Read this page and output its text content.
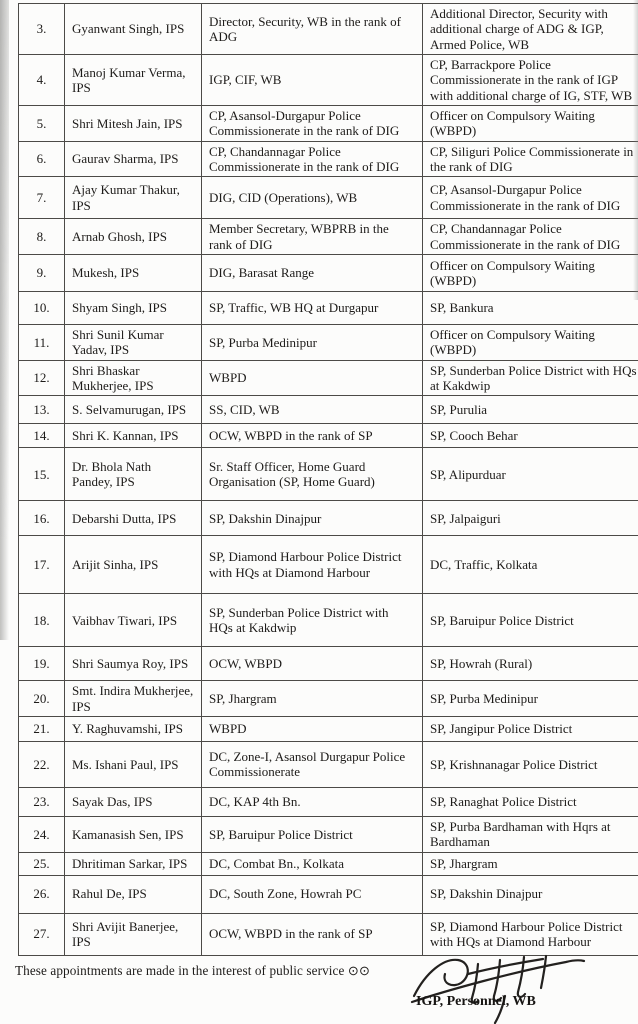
3.	Gyanwant Singh, IPS	Director, Security, WB in the rank of ADG	Additional Director, Security with additional charge of ADG & IGP, Armed Police, WB
4.	Manoj Kumar Verma, IPS	IGP, CIF, WB	CP, Barrackpore Police Commissionerate in the rank of IGP with additional charge of IG, STF, WB
5.	Shri Mitesh Jain, IPS	CP, Asansol-Durgapur Police Commissionerate in the rank of DIG	Officer on Compulsory Waiting (WBPD)
6.	Gaurav Sharma, IPS	CP, Chandannagar Police Commissionerate in the rank of DIG	CP, Siliguri Police Commissionerate in the rank of DIG
7.	Ajay Kumar Thakur, IPS	DIG, CID (Operations), WB	CP, Asansol-Durgapur Police Commissionerate in the rank of DIG
8.	Arnab Ghosh, IPS	Member Secretary, WBPRB in the rank of DIG	CP, Chandannagar Police Commissionerate in the rank of DIG
9.	Mukesh, IPS	DIG, Barasat Range	Officer on Compulsory Waiting (WBPD)
10.	Shyam Singh, IPS	SP, Traffic, WB HQ at Durgapur	SP, Bankura
11.	Shri Sunil Kumar Yadav, IPS	SP, Purba Medinipur	Officer on Compulsory Waiting (WBPD)
12.	Shri Bhaskar Mukherjee, IPS	WBPD	SP, Sunderban Police District with HQs at Kakdwip
13.	S. Selvamurugan, IPS	SS, CID, WB	SP, Purulia
14.	Shri K. Kannan, IPS	OCW, WBPD in the rank of SP	SP, Cooch Behar
15.	Dr. Bhola Nath Pandey, IPS	Sr. Staff Officer, Home Guard Organisation (SP, Home Guard)	SP, Alipurduar
16.	Debarshi Dutta, IPS	SP, Dakshin Dinajpur	SP, Jalpaiguri
17.	Arijit Sinha, IPS	SP, Diamond Harbour Police District with HQs at Diamond Harbour	DC, Traffic, Kolkata
18.	Vaibhav Tiwari, IPS	SP, Sunderban Police District with HQs at Kakdwip	SP, Baruipur Police District
19.	Shri Saumya Roy, IPS	OCW, WBPD	SP, Howrah (Rural)
20.	Smt. Indira Mukherjee, IPS	SP, Jhargram	SP, Purba Medinipur
21.	Y. Raghuvamshi, IPS	WBPD	SP, Jangipur Police District
22.	Ms. Ishani Paul, IPS	DC, Zone-I, Asansol Durgapur Police Commissionerate	SP, Krishnanagar Police District
23.	Sayak Das, IPS	DC, KAP 4th Bn.	SP, Ranaghat Police District
24.	Kamanasish Sen, IPS	SP, Baruipur Police District	SP, Purba Bardhaman with Hqrs at Bardhaman
25.	Dhritiman Sarkar, IPS	DC, Combat Bn., Kolkata	SP, Jhargram
26.	Rahul De, IPS	DC, South Zone, Howrah PC	SP, Dakshin Dinajpur
27.	Shri Avijit Banerjee, IPS	OCW, WBPD in the rank of SP	SP, Diamond Harbour Police District with HQs at Diamond Harbour
These appointments are made in the interest of public service ⊙⊙
IGP, Personnel, WB
